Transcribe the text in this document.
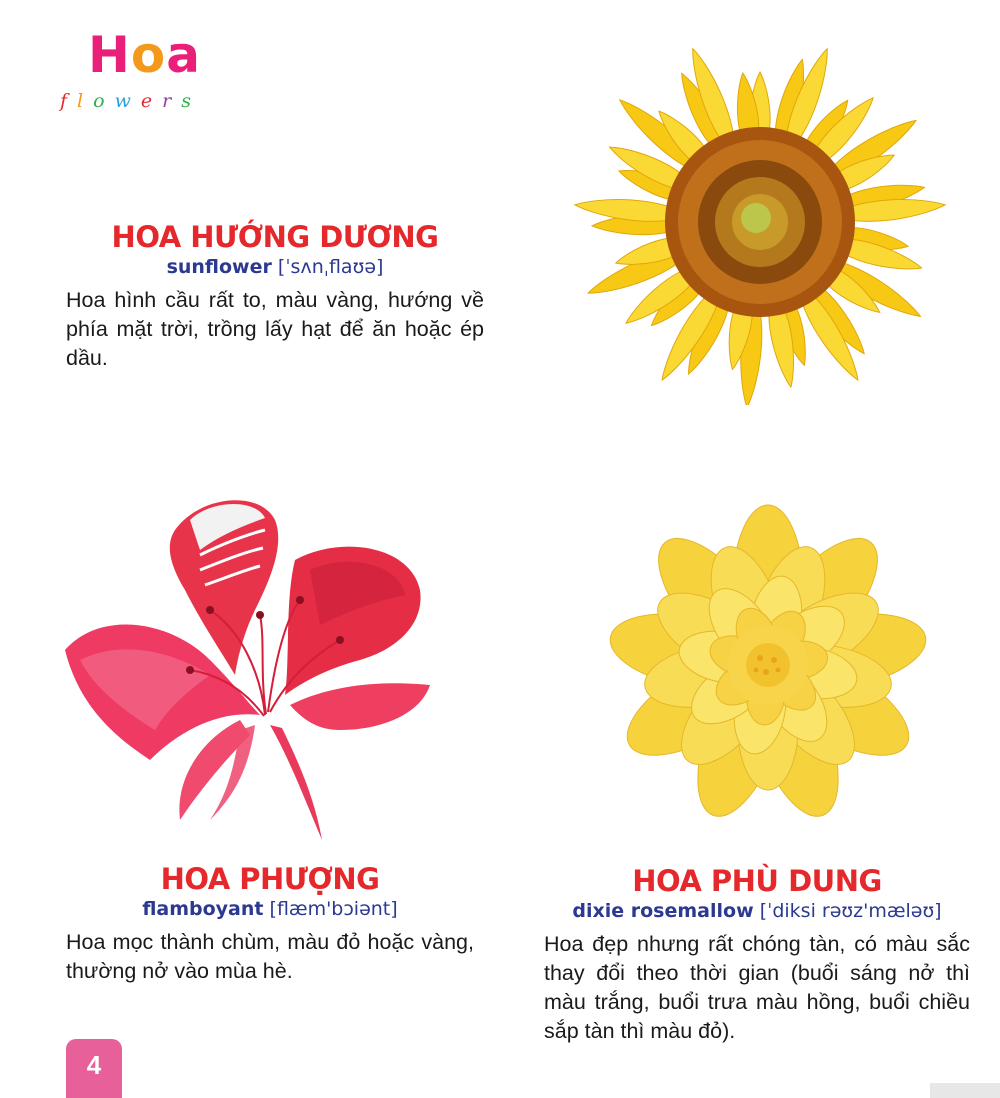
Hoa
flowers
HOA HƯỚNG DƯƠNG
sunflower [ˈsʌnˌflaʊə]
Hoa hình cầu rất to, màu vàng, hướng về phía mặt trời, trồng lấy hạt để ăn hoặc ép dầu.
HOA PHƯỢNG
flamboyant [flæm'bɔiənt]
Hoa mọc thành chùm, màu đỏ hoặc vàng, thường nở vào mùa hè.
HOA PHÙ DUNG
dixie rosemallow [ˈdiksi rəʊz'mæləʊ]
Hoa đẹp nhưng rất chóng tàn, có màu sắc thay đổi theo thời gian (buổi sáng nở thì màu trắng, buổi trưa màu hồng, buổi chiều sắp tàn thì màu đỏ).
4
